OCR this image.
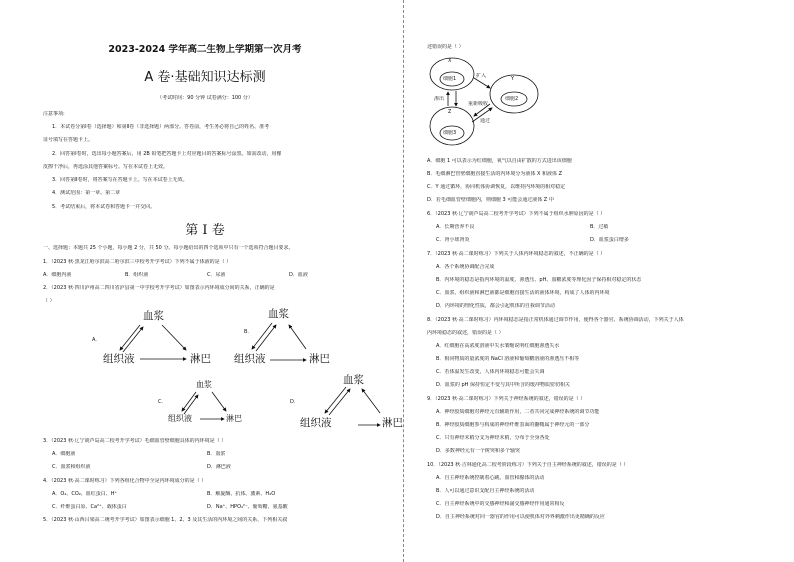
2023-2024 学年高二生物上学期第一次月考
A 卷·基础知识达标测
（考试时间：90 分钟 试卷满分：100 分）
注意事项:
1．本试卷分第Ⅰ卷（选择题）和第Ⅱ卷（非选择题）两部分。答卷前，考生务必将自己的姓名、准考
证号填写在答题卡上。
2．回答第Ⅰ卷时，选出每小题答案后，用 2B 铅笔把答题卡上对应题目的答案标号涂黑。如需改动，用橡
皮擦干净后，再选涂其他答案标号。写在本试卷上无效。
3．回答第Ⅱ卷时，将答案写在答题卡上。写在本试卷上无效。
4．测试范围：第一章、第二章
5．考试结束后，将本试卷和答题卡一并交回。
第 Ⅰ 卷
一、选择题：本题共 25 个小题，每小题 2 分，共 50 分。每小题给出的四个选项中只有一个选项符合题目要求。
1．（2023 秋·黑龙江哈尔滨高二哈尔滨三中校考开学考试）下列不属于体液的是（ ）
A．细胞内液	B．组织液	C．尿液	D．血液
2．（2023 秋·四川泸州高二四川省泸县第一中学校考开学考试）如图表示内环境成分间的关系，正确的是
（ ）
A．
血浆
组织液	淋巴
B．
血浆
组织液	淋巴
C．
血浆
组织液	淋巴
D．
血浆
组织液	淋巴
3．（2023 秋·辽宁葫芦岛高二校考开学考试）毛细血管壁细胞具体的内环境是（ ）
A．细胞液	B．血浆
C．血浆和组织液	D．淋巴液
4．（2023 秋·高二课时练习）下列各组化合物中全是内环境成分的是（ ）
A．O₂、CO₂、血红蛋白、H⁺	B．解旋酶、抗体、激素、H₂O
C．纤维蛋白原、Ca²⁺、载体蛋白	D．Na⁺、HPO₄²⁻、葡萄糖、氨基酸
5．（2023 秋·山西吕梁高二统考开学考试）如图表示细胞 1、2、3 及其生活的内环境之间的关系，下列相关叙
述错误的是（ ）
X
Y
Z
细胞1
细胞2
细胞3
扩入
重新吸收
渗出
通过
A．细胞 1 可以表示为红细胞，氧气以自由扩散的方式进出该细胞
B．毛细淋巴管壁细胞直接生活的内环境分为液体 X 和液体 Z
C．Y 通过循环，协同机体协调恢复，以维持内环境的相对稳定
D．若毛细血管壁细胞内，则细胞 3 可能会通过液体 Z 中
6．（2023 秋·辽宁葫芦岛高二校考开学考试）下列不属于组织水肿原因的是（ ）
A．长期营养不良	B．过敏
C．肾小球肾炎	D．血浆蛋白增多
7．（2023 秋·高二课时练习）下列关于人体内环境稳态的叙述，不正确的是（ ）
A．各个系统协调配合完成
B．内环境的稳态是指内环境的温度、渗透压、pH、血糖浓度等理化因子保持相对稳定的状态
C．血浆、组织液和淋巴液都是细胞直接生活的液体环境，构成了人体的内环境
D．内环境的理化性质，都会引起机体的自我调节活动
8．（2023 秋·高二课时练习）内环境稳态是指正常机体通过调节作用，使得各个器官、系统协调活动，下列关于人体
内环境稳态的叙述，错误的是（ ）
A．红细胞在高浓度溶液中失水皱缩说明红细胞渗透失水
B．相同物质的量浓度的 NaCl 溶液和葡萄糖溶液的渗透压不相等
C．若体温发生改变，人体内环境稳态可能会失调
D．血浆的 pH 保持恒定不变与其中所含的缓冲物质密切相关
9．（2023 秋·高二课时练习）下列关于神经系统的叙述，错误的是（ ）
A．神经胶质细胞对神经元有辅助作用，二者共同完成神经系统的调节功能
B．神经胶质细胞参与构成的神经纤维表面的髓鞘属于神经元的一部分
C．只有神经末梢分支为神经末梢，分布于全身各处
D．多数神经元有一个树突和多个轴突
10．（2023 秋·吉林通化高二校考阶段练习）下列关于自主神经系统的叙述，错误的是（ ）
A．自主神经系统控制着心跳、血管和腺体的活动
B．人可以通过意识支配自主神经系统的活动
C．自主神经系统中的交感神经和副交感神经作用通常相反
D．自主神经系统对同一器官的作用可以使机体对外界刺激作出更精确的反应
